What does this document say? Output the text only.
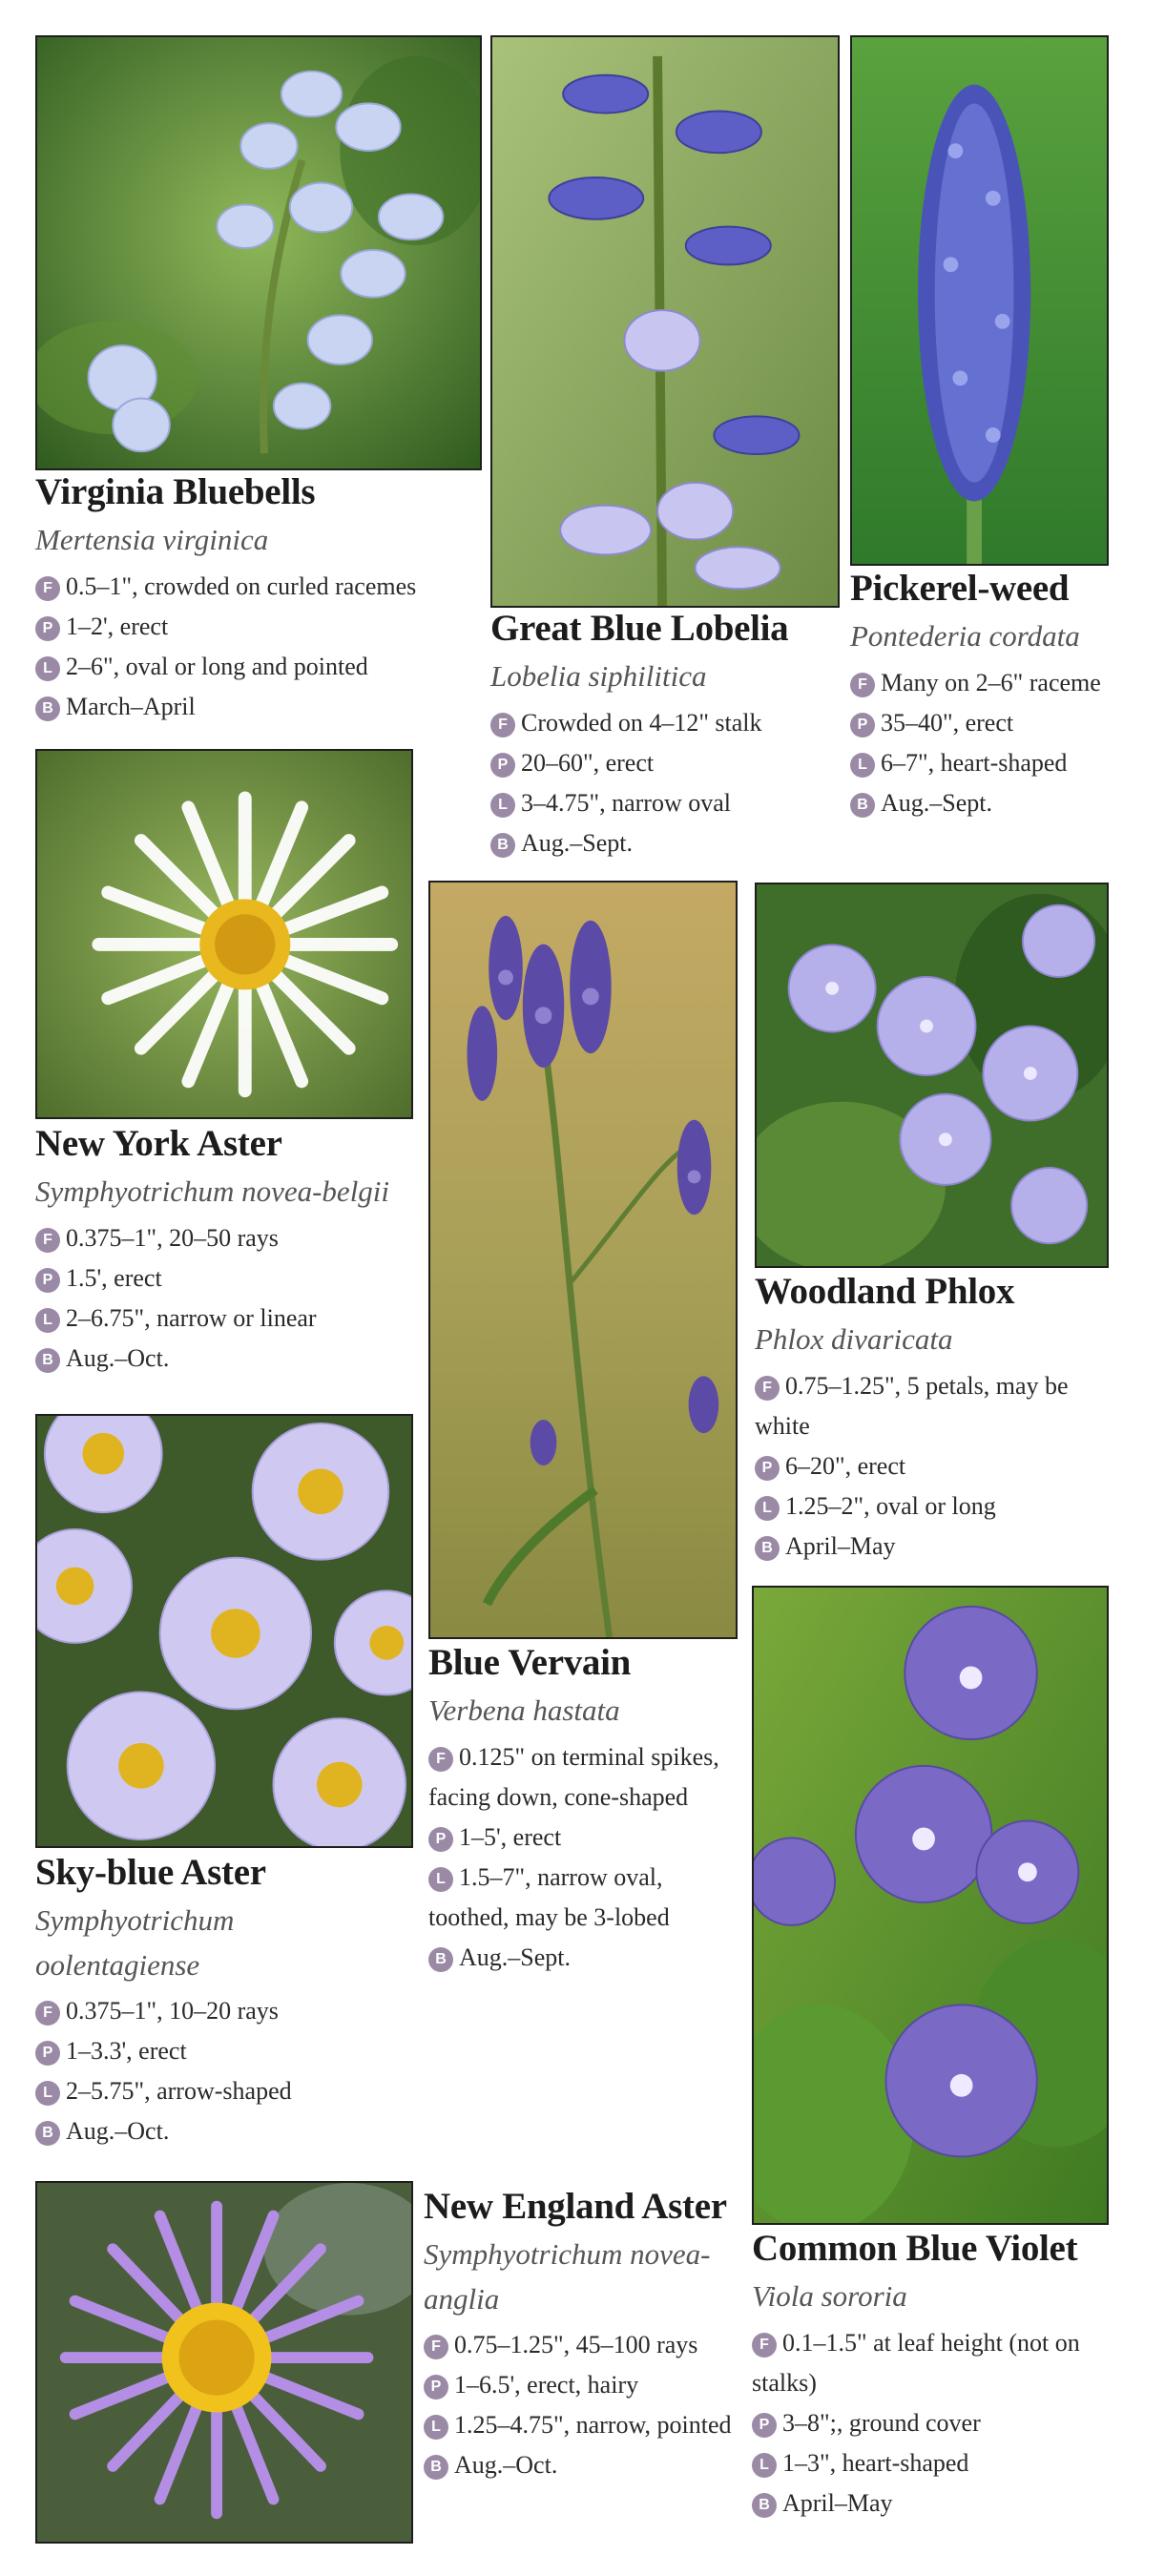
Virginia Bluebells
Mertensia virginica

F 0.5–1", crowded on curled racemes

P 1–2', erect

L 2–6", oval or long and pointed

B March–April

Great Blue Lobelia
Lobelia siphilitica

F Crowded on 4–12" stalk

P 20–60", erect

L 3–4.75", narrow oval

B Aug.–Sept.

Pickerel-weed
Pontederia cordata

F Many on 2–6" raceme

P 35–40", erect

L 6–7", heart-shaped

B Aug.–Sept.

New York Aster
Symphyotrichum novea-belgii

F 0.375–1", 20–50 rays

P 1.5', erect

L 2–6.75", narrow or linear

B Aug.–Oct.

Woodland Phlox
Phlox divaricata

F 0.75–1.25", 5 petals, may be white

P 6–20", erect

L 1.25–2", oval or long

B April–May

Blue Vervain
Verbena hastata

F 0.125" on terminal spikes, facing down, cone-shaped

P 1–5', erect

L 1.5–7", narrow oval, toothed, may be 3-lobed

B Aug.–Sept.

Sky-blue Aster
Symphyotrichum oolentagiense

F 0.375–1", 10–20 rays

P 1–3.3', erect

L 2–5.75", arrow-shaped

B Aug.–Oct.

New England Aster
Symphyotrichum novea-anglia

F 0.75–1.25", 45–100 rays

P 1–6.5', erect, hairy

L 1.25–4.75", narrow, pointed

B Aug.–Oct.

Common Blue Violet
Viola sororia

F 0.1–1.5" at leaf height (not on stalks)

P 3–8";, ground cover

L 1–3", heart-shaped

B April–May
